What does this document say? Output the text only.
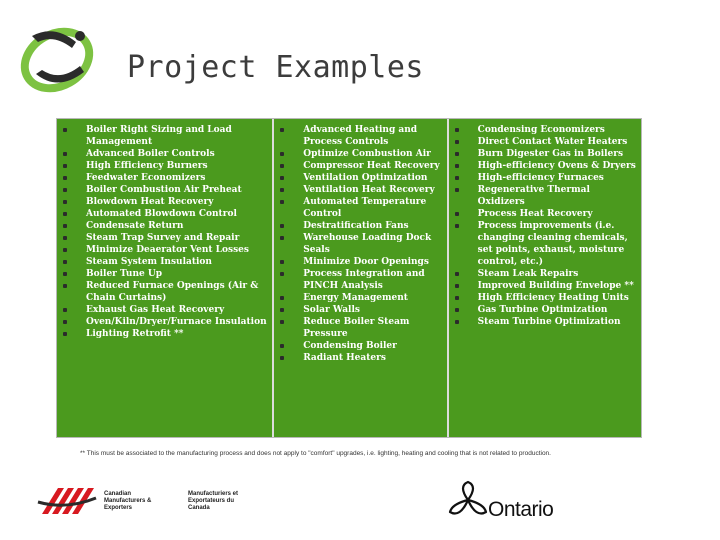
Project Examples
Boiler Right Sizing and Load Management
Advanced Boiler Controls
High Efficiency Burners
Feedwater Economizers
Boiler Combustion Air Preheat
Blowdown Heat Recovery
Automated Blowdown Control
Condensate Return
Steam Trap Survey and Repair
Minimize Deaerator Vent Losses
Steam System Insulation
Boiler Tune Up
Reduced Furnace Openings (Air & Chain Curtains)
Exhaust Gas Heat Recovery
Oven/Kiln/Dryer/Furnace Insulation
Lighting Retrofit **
Advanced Heating and Process Controls
Optimize Combustion Air
Compressor Heat Recovery
Ventilation Optimization
Ventilation Heat Recovery
Automated Temperature Control
Destratification Fans
Warehouse Loading Dock Seals
Minimize Door Openings
Process Integration and PINCH Analysis
Energy Management
Solar Walls
Reduce Boiler Steam Pressure
Condensing Boiler
Radiant Heaters
Condensing Economizers
Direct Contact Water Heaters
Burn Digester Gas in Boilers
High-efficiency Ovens & Dryers
High-efficiency Furnaces
Regenerative Thermal Oxidizers
Process Heat Recovery
Process improvements (i.e. changing cleaning chemicals, set points, exhaust, moisture control, etc.)
Steam Leak Repairs
Improved Building Envelope **
High Efficiency Heating Units
Gas Turbine Optimization
Steam Turbine Optimization
** This must be associated to the manufacturing process and does not apply to "comfort" upgrades, i.e. lighting, heating and cooling that is not related to production.
Canadian
Manufacturers &
Exporters
Manufacturiers et
Exportateurs du
Canada	Ontario
